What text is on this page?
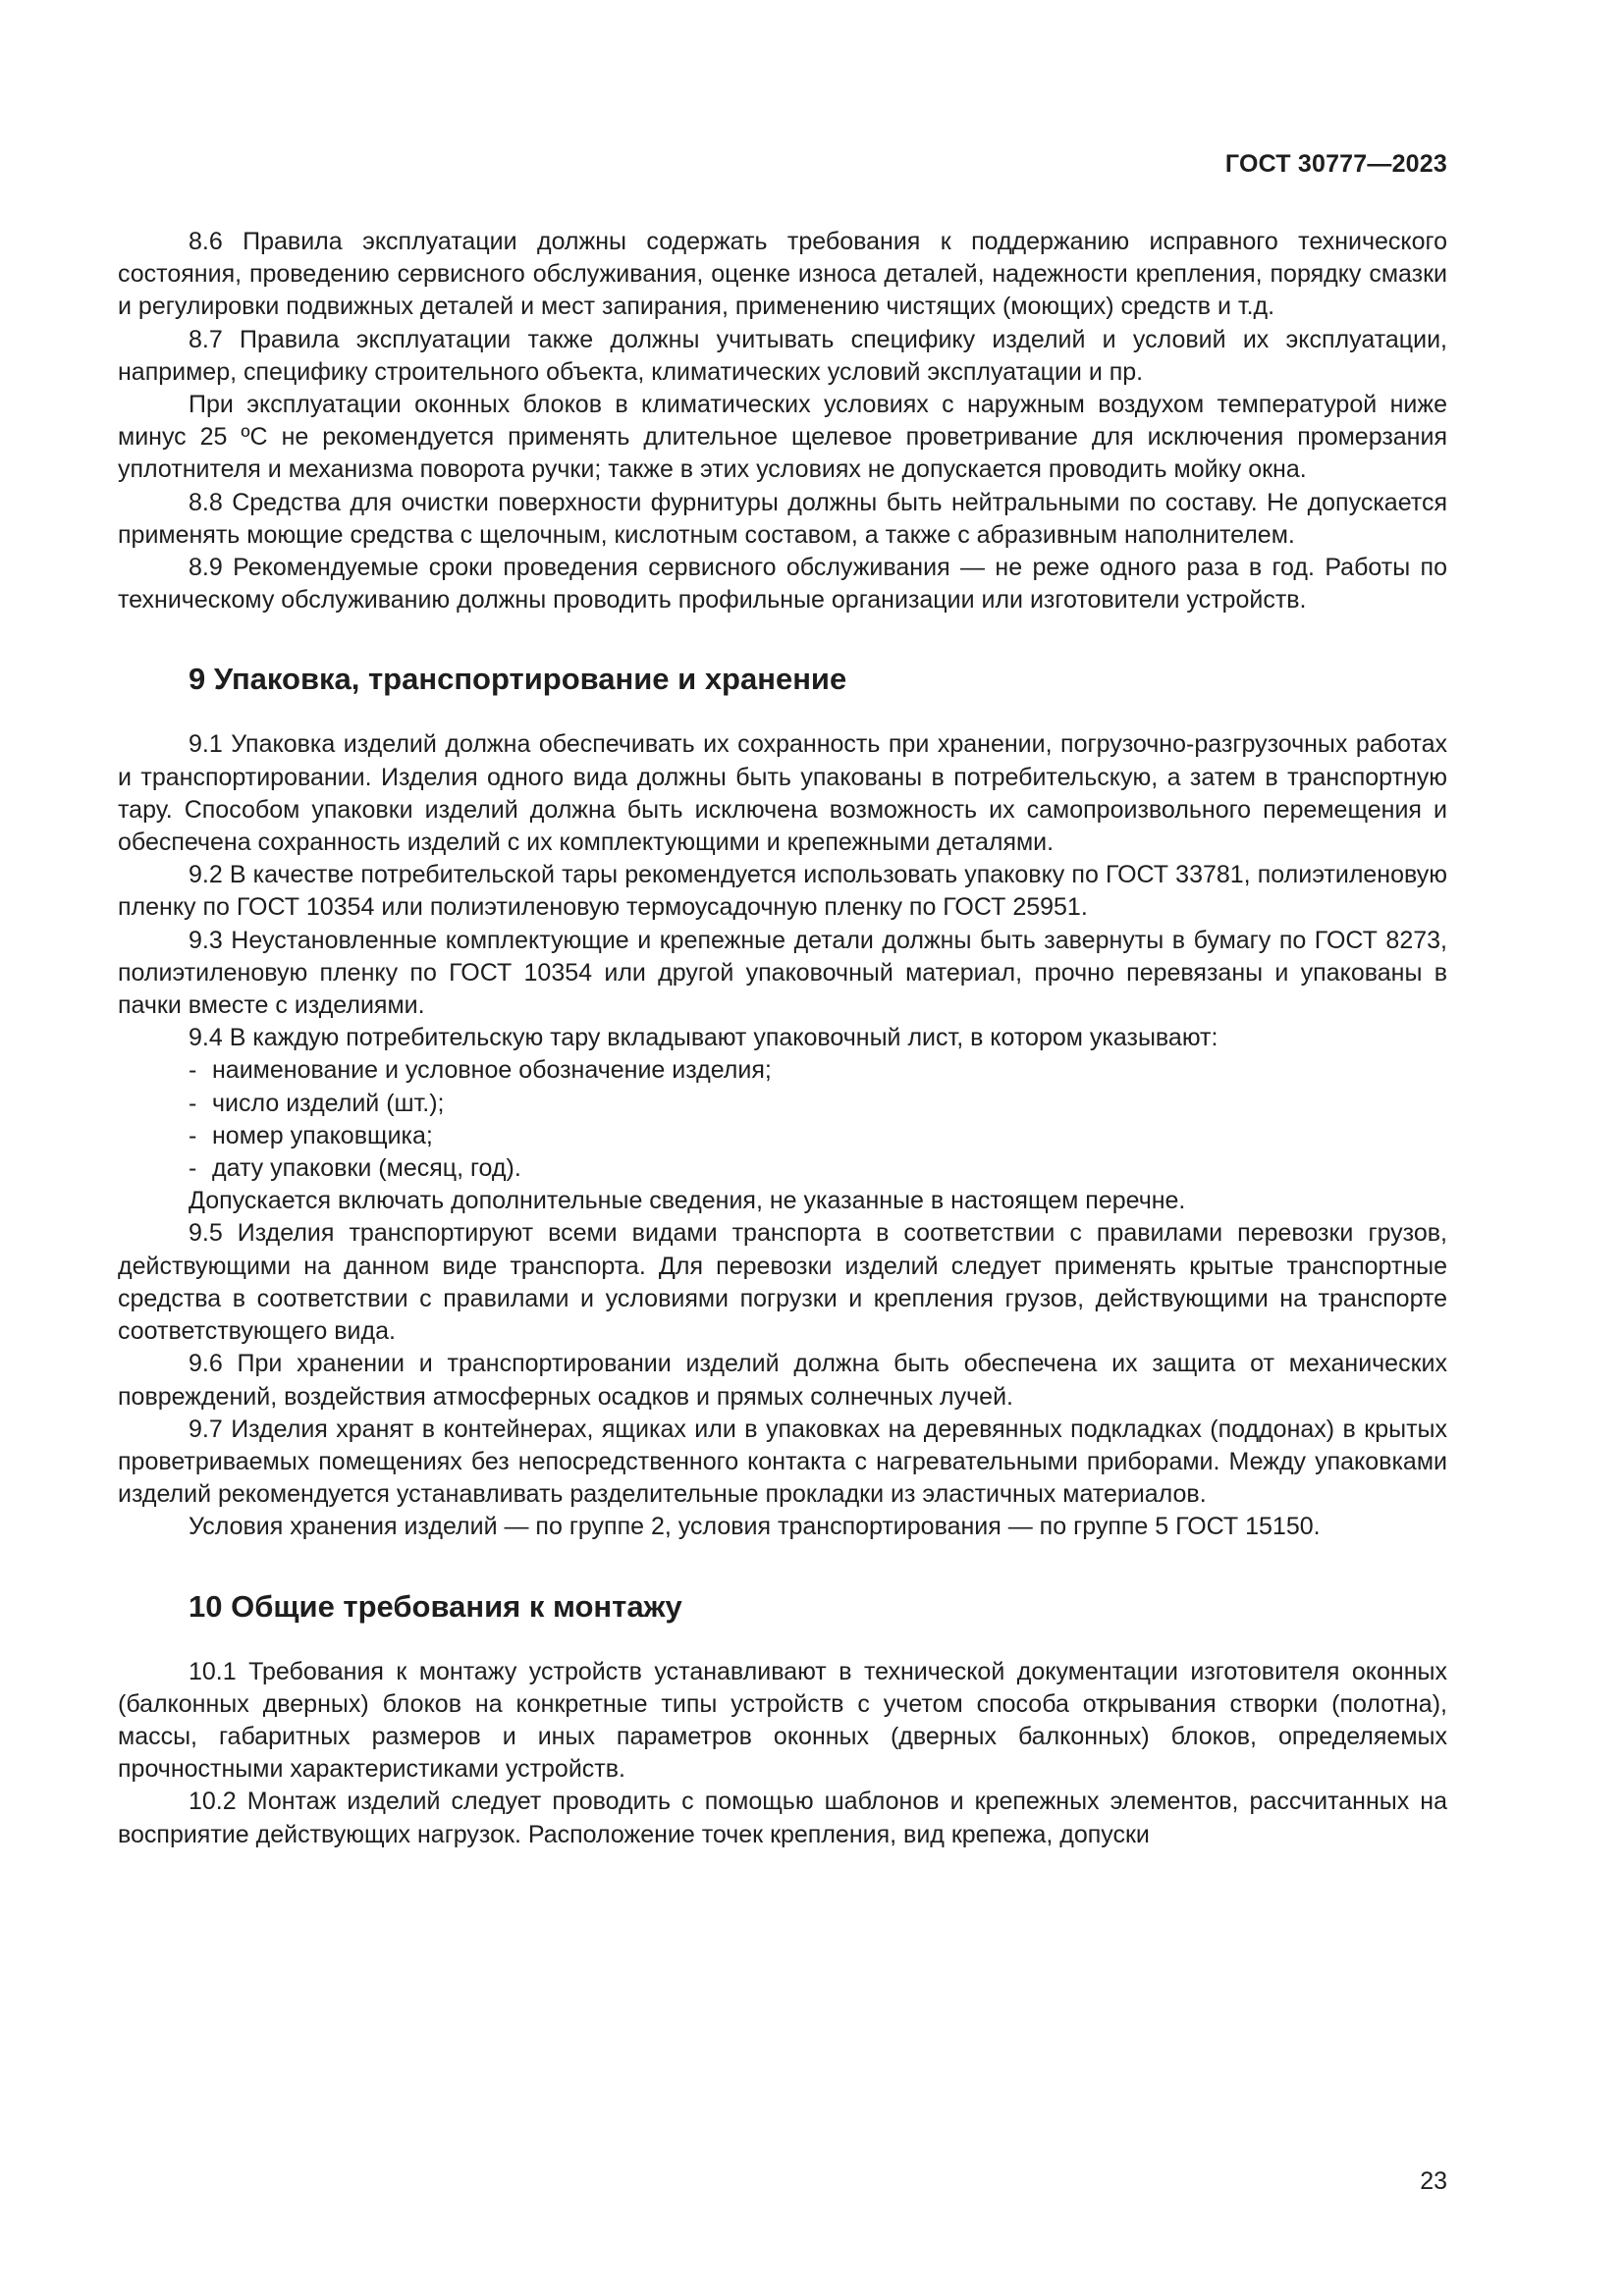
ГОСТ 30777—2023

8.6 Правила эксплуатации должны содержать требования к поддержанию исправного технического состояния, проведению сервисного обслуживания, оценке износа деталей, надежности крепления, порядку смазки и регулировки подвижных деталей и мест запирания, применению чистящих (моющих) средств и т.д.

8.7 Правила эксплуатации также должны учитывать специфику изделий и условий их эксплуатации, например, специфику строительного объекта, климатических условий эксплуатации и пр.

При эксплуатации оконных блоков в климатических условиях с наружным воздухом температурой ниже минус 25 ºС не рекомендуется применять длительное щелевое проветривание для исключения промерзания уплотнителя и механизма поворота ручки; также в этих условиях не допускается проводить мойку окна.

8.8 Средства для очистки поверхности фурнитуры должны быть нейтральными по составу. Не допускается применять моющие средства с щелочным, кислотным составом, а также с абразивным наполнителем.

8.9 Рекомендуемые сроки проведения сервисного обслуживания — не реже одного раза в год. Работы по техническому обслуживанию должны проводить профильные организации или изготовители устройств.

9 Упаковка, транспортирование и хранение

9.1 Упаковка изделий должна обеспечивать их сохранность при хранении, погрузочно-разгрузочных работах и транспортировании. Изделия одного вида должны быть упакованы в потребительскую, а затем в транспортную тару. Способом упаковки изделий должна быть исключена возможность их самопроизвольного перемещения и обеспечена сохранность изделий с их комплектующими и крепежными деталями.

9.2 В качестве потребительской тары рекомендуется использовать упаковку по ГОСТ 33781, полиэтиленовую пленку по ГОСТ 10354 или полиэтиленовую термоусадочную пленку по ГОСТ 25951.

9.3 Неустановленные комплектующие и крепежные детали должны быть завернуты в бумагу по ГОСТ 8273, полиэтиленовую пленку по ГОСТ 10354 или другой упаковочный материал, прочно перевязаны и упакованы в пачки вместе с изделиями.

9.4 В каждую потребительскую тару вкладывают упаковочный лист, в котором указывают:

- наименование и условное обозначение изделия;

- число изделий (шт.);

- номер упаковщика;

- дату упаковки (месяц, год).

Допускается включать дополнительные сведения, не указанные в настоящем перечне.

9.5 Изделия транспортируют всеми видами транспорта в соответствии с правилами перевозки грузов, действующими на данном виде транспорта. Для перевозки изделий следует применять крытые транспортные средства в соответствии с правилами и условиями погрузки и крепления грузов, действующими на транспорте соответствующего вида.

9.6 При хранении и транспортировании изделий должна быть обеспечена их защита от механических повреждений, воздействия атмосферных осадков и прямых солнечных лучей.

9.7 Изделия хранят в контейнерах, ящиках или в упаковках на деревянных подкладках (поддонах) в крытых проветриваемых помещениях без непосредственного контакта с нагревательными приборами. Между упаковками изделий рекомендуется устанавливать разделительные прокладки из эластичных материалов.

Условия хранения изделий — по группе 2, условия транспортирования — по группе 5 ГОСТ 15150.

10 Общие требования к монтажу

10.1 Требования к монтажу устройств устанавливают в технической документации изготовителя оконных (балконных дверных) блоков на конкретные типы устройств с учетом способа открывания створки (полотна), массы, габаритных размеров и иных параметров оконных (дверных балконных) блоков, определяемых прочностными характеристиками устройств.

10.2 Монтаж изделий следует проводить с помощью шаблонов и крепежных элементов, рассчитанных на восприятие действующих нагрузок. Расположение точек крепления, вид крепежа, допуски

23
